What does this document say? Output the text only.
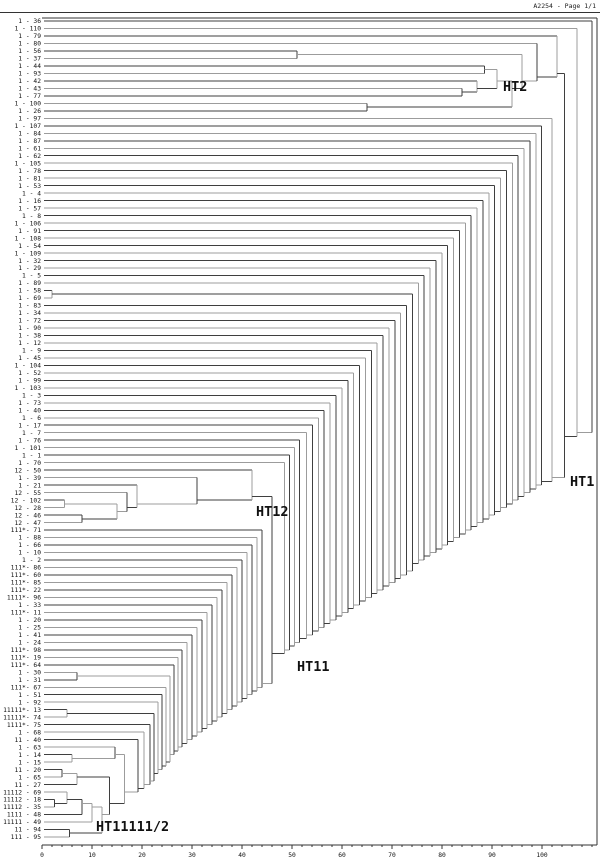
A2254 - Page 1/1
0	10	20	30	40	50	60	70	80	90	100
1 - 36
1 - 110
1 - 79
1 - 80
1 - 56
1 - 37
1 - 44
1 - 93
1 - 42
1 - 43
1 - 77
1 - 100
1 - 26
1 - 97
1 - 107
1 - 84
1 - 87
1 - 61
1 - 62
1 - 105
1 - 78
1 - 81
1 - 53
1 - 4
1 - 16
1 - 57
1 - 8
1 - 106
1 - 91
1 - 108
1 - 54
1 - 109
1 - 32
1 - 29
1 - 5
1 - 89
1 - 58
1 - 69
1 - 83
1 - 34
1 - 72
1 - 90
1 - 38
1 - 12
1 - 9
1 - 45
1 - 104
1 - 52
1 - 99
1 - 103
1 - 3
1 - 73
1 - 40
1 - 6
1 - 17
1 - 7
1 - 76
1 - 101
1 - 1
1 - 70
12 - 50
1 - 39
1 - 21
12 - 55
12 - 102
12 - 28
12 - 46
12 - 47
111*- 71
1 - 88
1 - 66
1 - 10
1 - 2
111*- 86
111*- 60
111*- 85
111*- 22
1111*- 96
1 - 33
111*- 11
1 - 20
1 - 25
1 - 41
1 - 24
111*- 98
111*- 19
111*- 64
1 - 30
1 - 31
111*- 67
1 - 51
1 - 92
11111*- 13
11111*- 74
1111*- 75
1 - 68
11 - 40
1 - 63
1 - 14
1 - 15
11 - 20
1 - 65
11 - 27
11112 - 69
11112 - 18
11112 - 35
1111 - 48
11111 - 49
11 - 94
111 - 95
HT2
HT1
HT12
HT11
HT11111/2
